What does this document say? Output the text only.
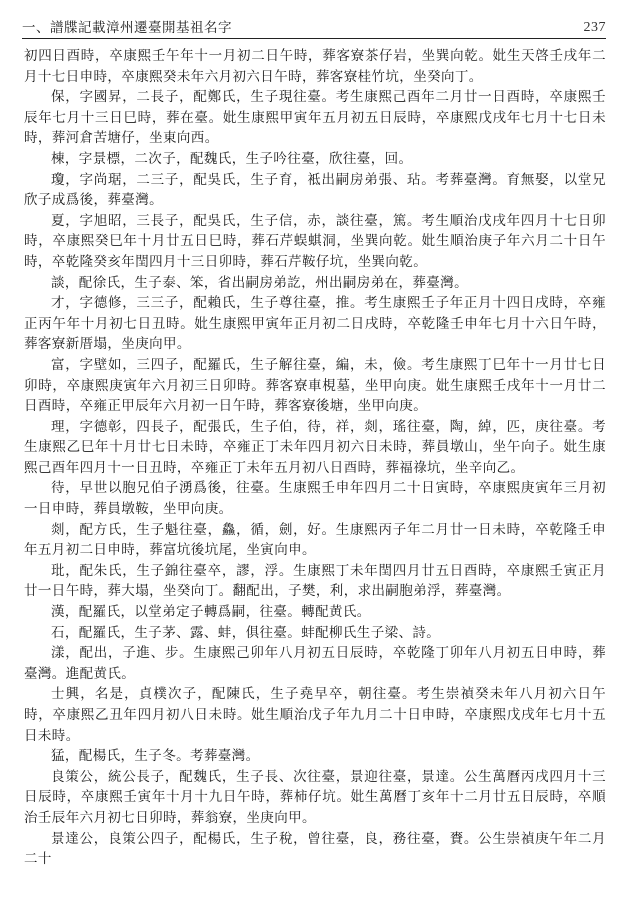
一、譜牒記載漳州遷臺開基祖名字	237

初四日酉時，卒康熙壬午年十一月初二日午時，葬客寮茶仔岩，坐巽向乾。妣生天啓壬戌年二月十七日申時，卒康熙癸未年六月初六日午時，葬客寮桂竹坑，坐癸向丁。

保，字國昇，二長子，配鄭氏，生子現往臺。考生康熙己酉年二月廿一日酉時，卒康熙壬辰年七月十三日巳時，葬在臺。妣生康熙甲寅年五月初五日辰時，卒康熙戊戌年七月十七日未時，葬河倉苦塘仔，坐東向西。

棟，字景標，二次子，配魏氏，生子吟往臺，欣往臺，回。

瓊，字尚琚，二三子，配吳氏，生子育，袛出嗣房弟張、玷。考葬臺灣。育無娶，以堂兄欣子成爲後，葬臺灣。

夏，字旭昭，三長子，配吳氏，生子信，赤，談往臺，篤。考生順治戊戌年四月十七日卯時，卒康熙癸巳年十月廿五日巳時，葬石芹蜈蜞洞，坐巽向乾。妣生順治庚子年六月二十日午時，卒乾隆癸亥年閏四月十三日卯時，葬石芹鞍仔坑，坐巽向乾。

談，配徐氏，生子泰、笨，省出嗣房弟訖，州出嗣房弟在，葬臺灣。

才，字德修，三三子，配賴氏，生子尊往臺，推。考生康熙壬子年正月十四日戌時，卒雍正丙午年十月初七日丑時。妣生康熙甲寅年正月初二日戌時，卒乾隆壬申年七月十六日午時，葬客寮新厝塌，坐庚向甲。

富，字壁如，三四子，配羅氏，生子解往臺，編，未，儉。考生康熙丁巳年十一月廿七日卯時，卒康熙庚寅年六月初三日卯時。葬客寮車梘墓，坐甲向庚。妣生康熙壬戌年十一月廿二日酉時，卒雍正甲辰年六月初一日午時，葬客寮後塘，坐甲向庚。

理，字德彰，四長子，配張氏，生子伯，待，祥，剡，瑤往臺，陶，綽，匹，庚往臺。考生康熙乙巳年十月廿七日未時，卒雍正丁未年四月初六日未時，葬員墩山，坐午向子。妣生康熙己酉年四月十一日丑時，卒雍正丁未年五月初八日酉時，葬福祿坑，坐辛向乙。

待，早世以胞兄伯子湧爲後，往臺。生康熙壬申年四月二十日寅時，卒康熙庚寅年三月初一日申時，葬員墩鞍，坐甲向庚。

剡，配方氏，生子魁往臺，鱻，循，劍，好。生康熙丙子年二月廿一日未時，卒乾隆壬申年五月初二日申時，葬富坑後坑尾，坐寅向申。

玭，配朱氏，生子錦往臺卒，謬，浮。生康熙丁未年閏四月廿五日酉時，卒康熙壬寅正月廿一日午時，葬大塌，坐癸向丁。翻配出，子樊，利，求出嗣胞弟浮，葬臺灣。

漢，配羅氏，以堂弟定子轉爲嗣，往臺。轉配黄氏。

石，配羅氏，生子茅、露、蚌，俱往臺。蚌配柳氏生子梁、詩。

漾，配出，子進、步。生康熙己卯年八月初五日辰時，卒乾隆丁卯年八月初五日申時，葬臺灣。進配黄氏。

士興，名是，貞樸次子，配陳氏，生子堯早卒，朝往臺。考生崇禎癸未年八月初六日午時，卒康熙乙丑年四月初八日未時。妣生順治戊子年九月二十日申時，卒康熙戊戌年七月十五日未時。

猛，配楊氏，生子冬。考葬臺灣。

良策公，統公長子，配魏氏，生子長、次往臺，景迎往臺，景達。公生萬曆丙戌四月十三日辰時，卒康熙壬寅年十月十九日午時，葬柿仔坑。妣生萬曆丁亥年十二月廿五日辰時，卒順治壬辰年六月初七日卯時，葬翁寮，坐庚向甲。

景達公，良策公四子，配楊氏，生子稅，曾往臺，良，務往臺，賚。公生崇禎庚午年二月二十
